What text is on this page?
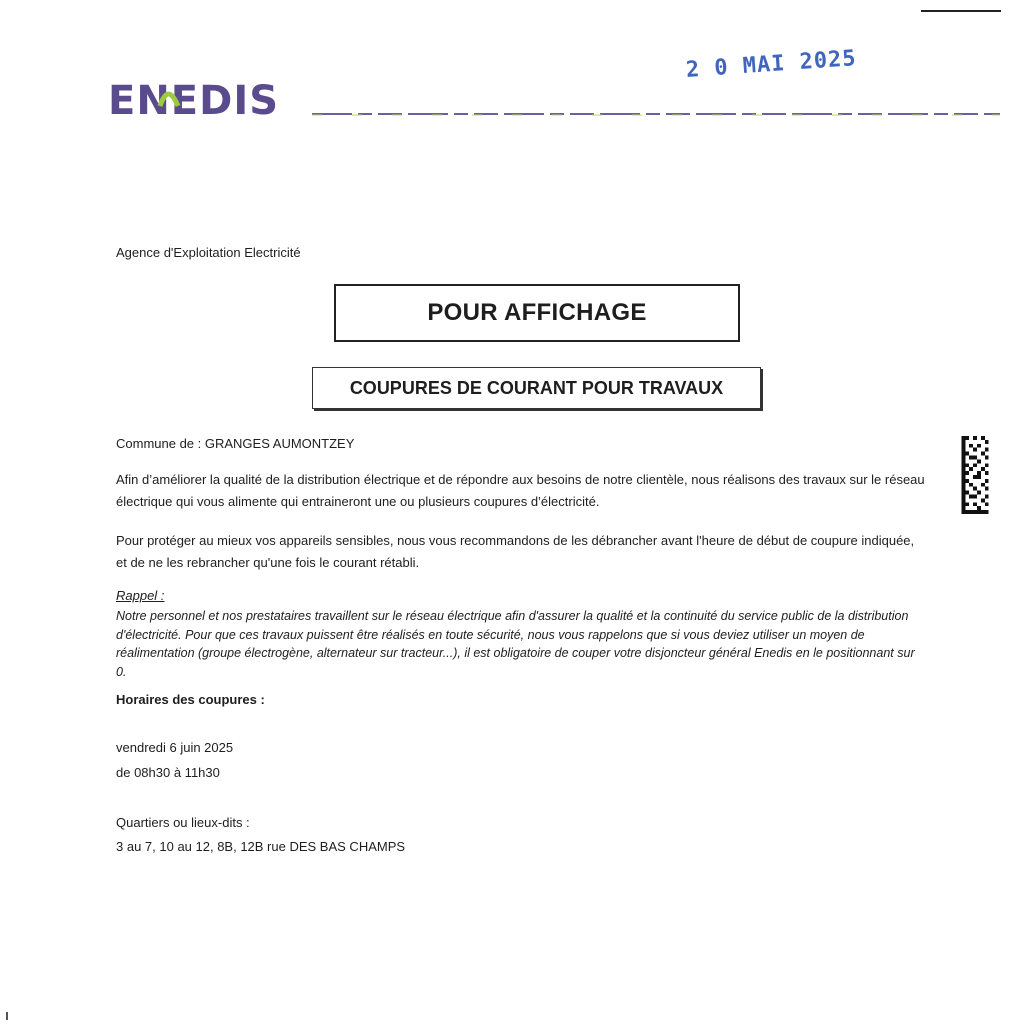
ENEDIS
2 0 MAI 2025
Agence d'Exploitation Electricité
POUR AFFICHAGE
COUPURES DE COURANT POUR TRAVAUX
Commune de : GRANGES AUMONTZEY
Afin d’améliorer la qualité de la distribution électrique et de répondre aux besoins de notre clientèle, nous réalisons des travaux sur le réseau électrique qui vous alimente qui entraineront une ou plusieurs coupures d’électricité.
Pour protéger au mieux vos appareils sensibles, nous vous recommandons de les débrancher avant l'heure de début de coupure indiquée, et de ne les rebrancher qu'une fois le courant rétabli.
Rappel :
Notre personnel et nos prestataires travaillent sur le réseau électrique afin d'assurer la qualité et la continuité du service public de la distribution d'électricité. Pour que ces travaux puissent être réalisés en toute sécurité, nous vous rappelons que si vous deviez utiliser un moyen de réalimentation (groupe électrogène, alternateur sur tracteur...), il est obligatoire de couper votre disjoncteur général Enedis en le positionnant sur 0.
Horaires des coupures :
vendredi 6 juin 2025
de 08h30 à 11h30
Quartiers ou lieux-dits :
3 au 7, 10 au 12, 8B, 12B rue DES BAS CHAMPS
